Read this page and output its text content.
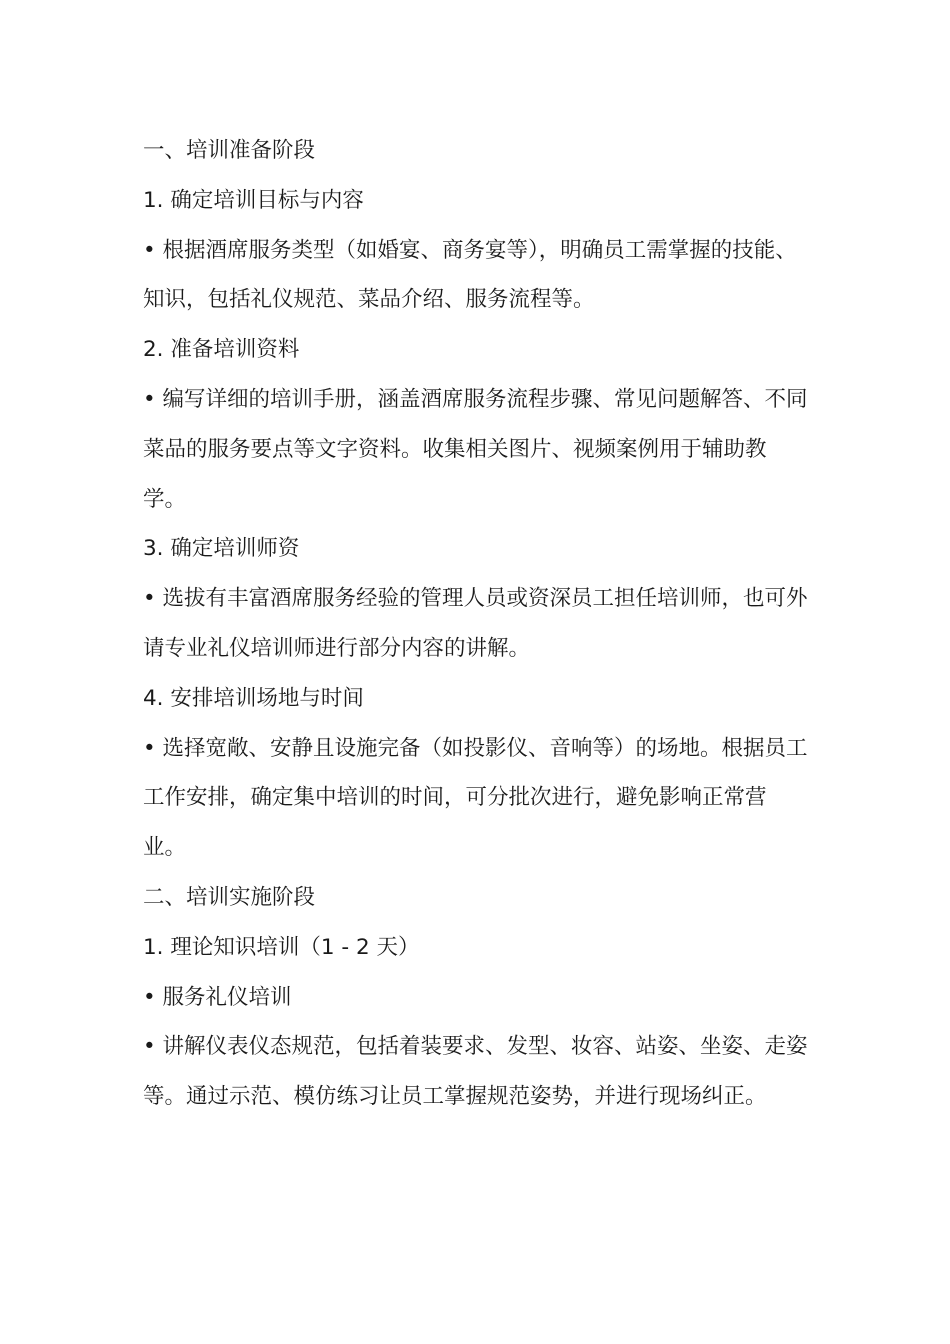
一、培训准备阶段

1. 确定培训目标与内容

• 根据酒席服务类型（如婚宴、商务宴等），明确员工需掌握的技能、知识，包括礼仪规范、菜品介绍、服务流程等。

2. 准备培训资料

• 编写详细的培训手册，涵盖酒席服务流程步骤、常见问题解答、不同菜品的服务要点等文字资料。收集相关图片、视频案例用于辅助教学。

3. 确定培训师资

• 选拔有丰富酒席服务经验的管理人员或资深员工担任培训师，也可外请专业礼仪培训师进行部分内容的讲解。

4. 安排培训场地与时间

• 选择宽敞、安静且设施完备（如投影仪、音响等）的场地。根据员工工作安排，确定集中培训的时间，可分批次进行，避免影响正常营业。

二、培训实施阶段

1. 理论知识培训（1 - 2 天）

• 服务礼仪培训

• 讲解仪表仪态规范，包括着装要求、发型、妆容、站姿、坐姿、走姿等。通过示范、模仿练习让员工掌握规范姿势，并进行现场纠正。
